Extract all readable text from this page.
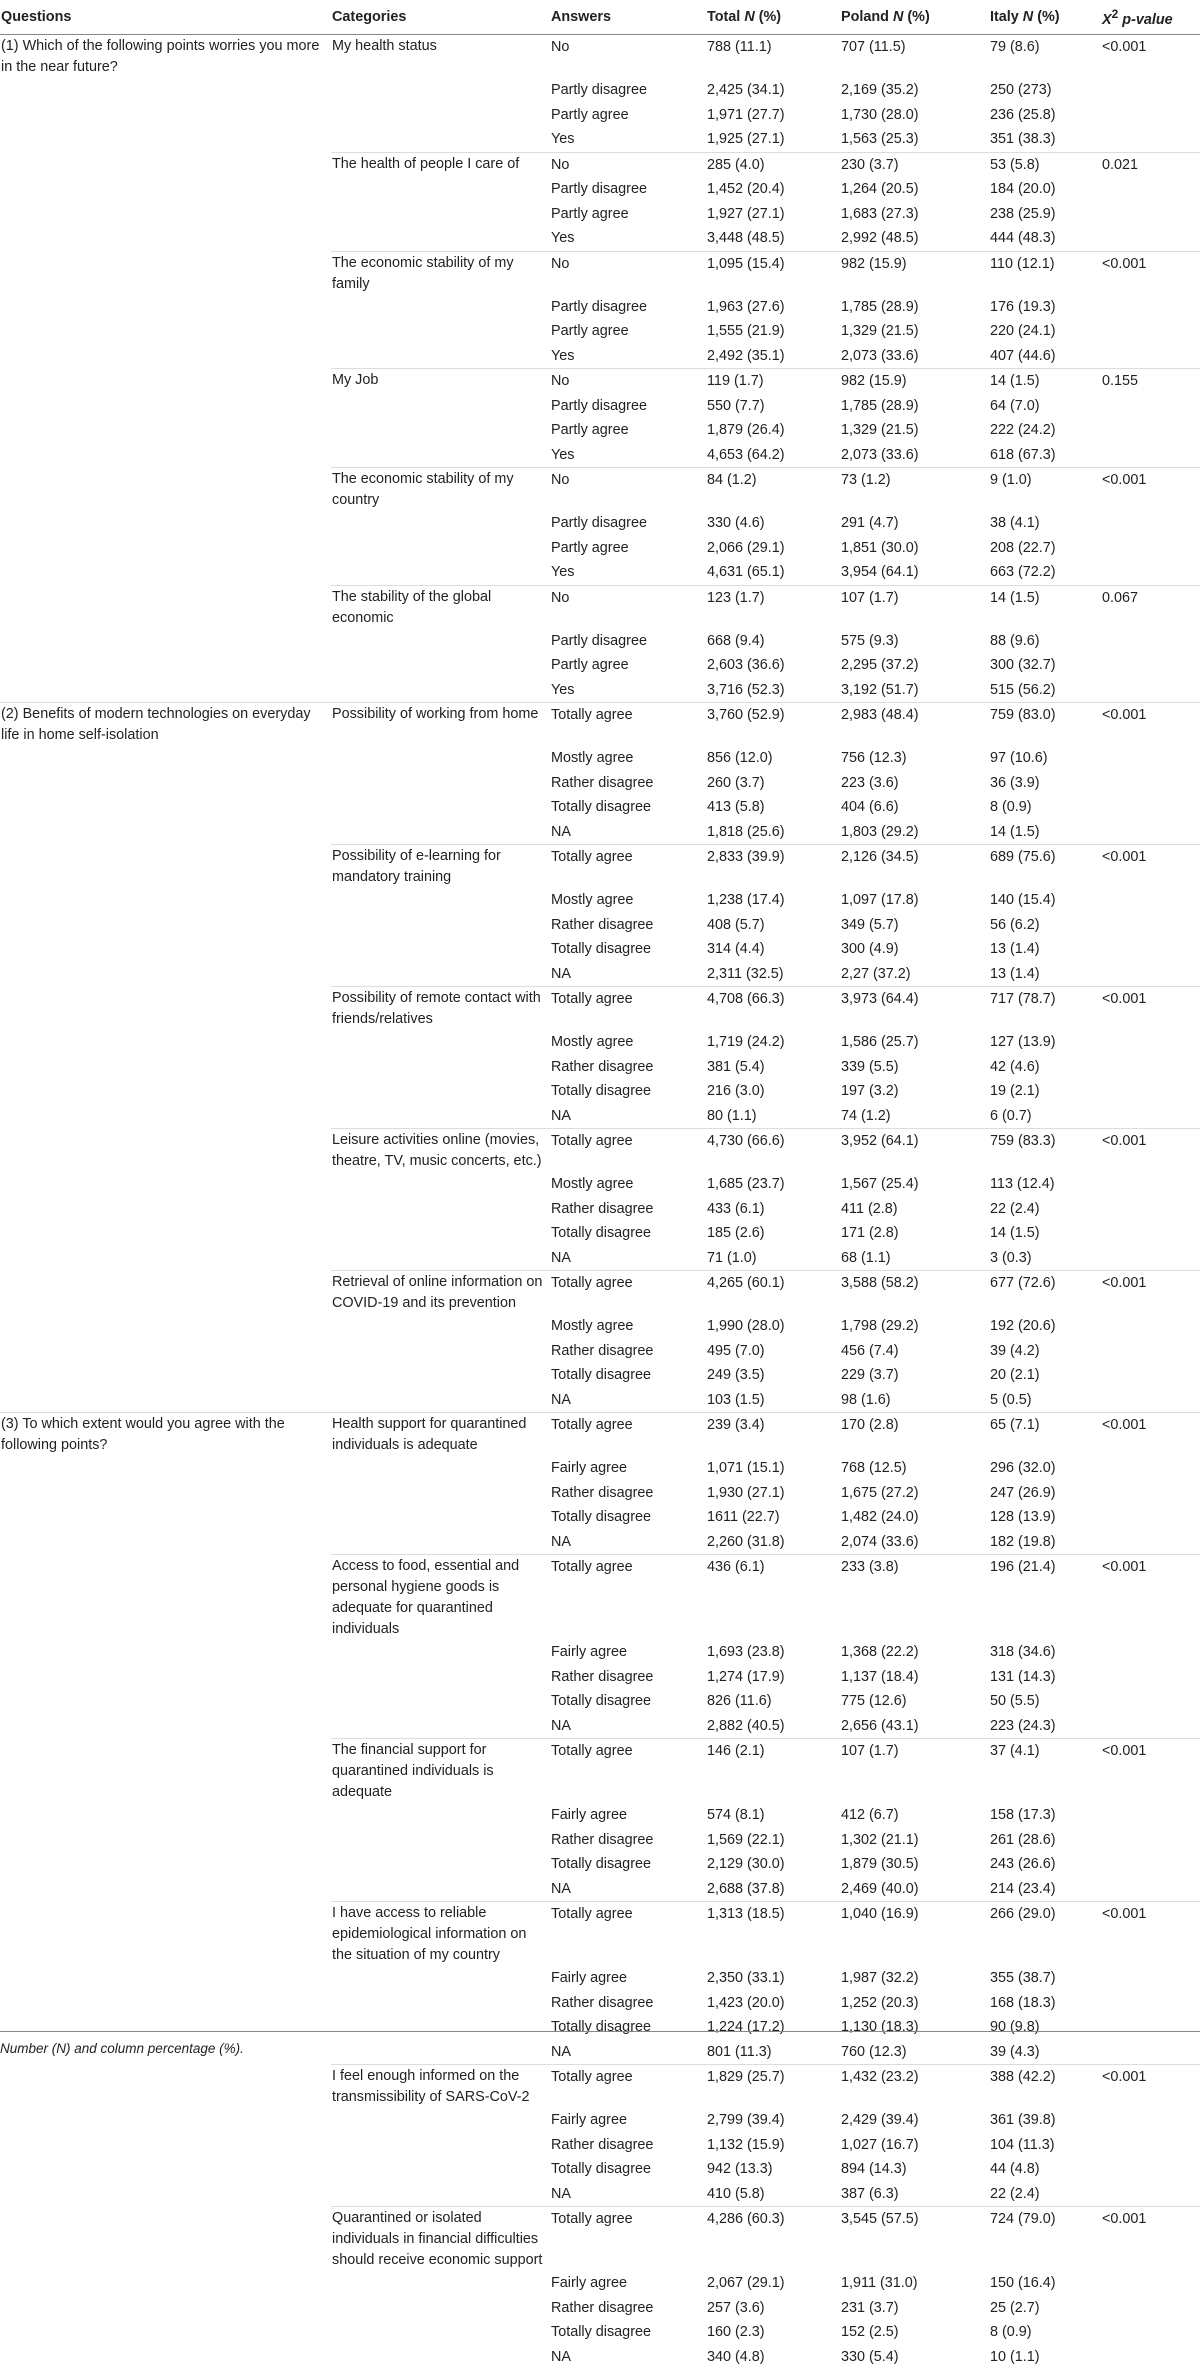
Questions	Categories	Answers	Total N (%)	Poland N (%)	Italy N (%)	$X^2$ p-value
(1) Which of the following points worries you more in the near future?	My health status	No	788 (11.1)	707 (11.5)	79 (8.6)	<0.001
		Partly disagree	2,425 (34.1)	2,169 (35.2)	250 (273)	
		Partly agree	1,971 (27.7)	1,730 (28.0)	236 (25.8)	
		Yes	1,925 (27.1)	1,563 (25.3)	351 (38.3)	
	The health of people I care of	No	285 (4.0)	230 (3.7)	53 (5.8)	0.021
		Partly disagree	1,452 (20.4)	1,264 (20.5)	184 (20.0)	
		Partly agree	1,927 (27.1)	1,683 (27.3)	238 (25.9)	
		Yes	3,448 (48.5)	2,992 (48.5)	444 (48.3)	
	The economic stability of my family	No	1,095 (15.4)	982 (15.9)	110 (12.1)	<0.001
		Partly disagree	1,963 (27.6)	1,785 (28.9)	176 (19.3)	
		Partly agree	1,555 (21.9)	1,329 (21.5)	220 (24.1)	
		Yes	2,492 (35.1)	2,073 (33.6)	407 (44.6)	
	My Job	No	119 (1.7)	982 (15.9)	14 (1.5)	0.155
		Partly disagree	550 (7.7)	1,785 (28.9)	64 (7.0)	
		Partly agree	1,879 (26.4)	1,329 (21.5)	222 (24.2)	
		Yes	4,653 (64.2)	2,073 (33.6)	618 (67.3)	
	The economic stability of my country	No	84 (1.2)	73 (1.2)	9 (1.0)	<0.001
		Partly disagree	330 (4.6)	291 (4.7)	38 (4.1)	
		Partly agree	2,066 (29.1)	1,851 (30.0)	208 (22.7)	
		Yes	4,631 (65.1)	3,954 (64.1)	663 (72.2)	
	The stability of the global economic	No	123 (1.7)	107 (1.7)	14 (1.5)	0.067
		Partly disagree	668 (9.4)	575 (9.3)	88 (9.6)	
		Partly agree	2,603 (36.6)	2,295 (37.2)	300 (32.7)	
		Yes	3,716 (52.3)	3,192 (51.7)	515 (56.2)	
(2) Benefits of modern technologies on everyday life in home self-isolation	Possibility of working from home	Totally agree	3,760 (52.9)	2,983 (48.4)	759 (83.0)	<0.001
		Mostly agree	856 (12.0)	756 (12.3)	97 (10.6)	
		Rather disagree	260 (3.7)	223 (3.6)	36 (3.9)	
		Totally disagree	413 (5.8)	404 (6.6)	8 (0.9)	
		NA	1,818 (25.6)	1,803 (29.2)	14 (1.5)	
	Possibility of e-learning for mandatory training	Totally agree	2,833 (39.9)	2,126 (34.5)	689 (75.6)	<0.001
		Mostly agree	1,238 (17.4)	1,097 (17.8)	140 (15.4)	
		Rather disagree	408 (5.7)	349 (5.7)	56 (6.2)	
		Totally disagree	314 (4.4)	300 (4.9)	13 (1.4)	
		NA	2,311 (32.5)	2,27 (37.2)	13 (1.4)	
	Possibility of remote contact with friends/relatives	Totally agree	4,708 (66.3)	3,973 (64.4)	717 (78.7)	<0.001
		Mostly agree	1,719 (24.2)	1,586 (25.7)	127 (13.9)	
		Rather disagree	381 (5.4)	339 (5.5)	42 (4.6)	
		Totally disagree	216 (3.0)	197 (3.2)	19 (2.1)	
		NA	80 (1.1)	74 (1.2)	6 (0.7)	
	Leisure activities online (movies, theatre, TV, music concerts, etc.)	Totally agree	4,730 (66.6)	3,952 (64.1)	759 (83.3)	<0.001
		Mostly agree	1,685 (23.7)	1,567 (25.4)	113 (12.4)	
		Rather disagree	433 (6.1)	411 (2.8)	22 (2.4)	
		Totally disagree	185 (2.6)	171 (2.8)	14 (1.5)	
		NA	71 (1.0)	68 (1.1)	3 (0.3)	
	Retrieval of online information on COVID-19 and its prevention	Totally agree	4,265 (60.1)	3,588 (58.2)	677 (72.6)	<0.001
		Mostly agree	1,990 (28.0)	1,798 (29.2)	192 (20.6)	
		Rather disagree	495 (7.0)	456 (7.4)	39 (4.2)	
		Totally disagree	249 (3.5)	229 (3.7)	20 (2.1)	
		NA	103 (1.5)	98 (1.6)	5 (0.5)	
(3) To which extent would you agree with the following points?	Health support for quarantined individuals is adequate	Totally agree	239 (3.4)	170 (2.8)	65 (7.1)	<0.001
		Fairly agree	1,071 (15.1)	768 (12.5)	296 (32.0)	
		Rather disagree	1,930 (27.1)	1,675 (27.2)	247 (26.9)	
		Totally disagree	1611 (22.7)	1,482 (24.0)	128 (13.9)	
		NA	2,260 (31.8)	2,074 (33.6)	182 (19.8)	
	Access to food, essential and personal hygiene goods is adequate for quarantined individuals	Totally agree	436 (6.1)	233 (3.8)	196 (21.4)	<0.001
		Fairly agree	1,693 (23.8)	1,368 (22.2)	318 (34.6)	
		Rather disagree	1,274 (17.9)	1,137 (18.4)	131 (14.3)	
		Totally disagree	826 (11.6)	775 (12.6)	50 (5.5)	
		NA	2,882 (40.5)	2,656 (43.1)	223 (24.3)	
	The financial support for quarantined individuals is adequate	Totally agree	146 (2.1)	107 (1.7)	37 (4.1)	<0.001
		Fairly agree	574 (8.1)	412 (6.7)	158 (17.3)	
		Rather disagree	1,569 (22.1)	1,302 (21.1)	261 (28.6)	
		Totally disagree	2,129 (30.0)	1,879 (30.5)	243 (26.6)	
		NA	2,688 (37.8)	2,469 (40.0)	214 (23.4)	
	I have access to reliable epidemiological information on the situation of my country	Totally agree	1,313 (18.5)	1,040 (16.9)	266 (29.0)	<0.001
		Fairly agree	2,350 (33.1)	1,987 (32.2)	355 (38.7)	
		Rather disagree	1,423 (20.0)	1,252 (20.3)	168 (18.3)	
		Totally disagree	1,224 (17.2)	1,130 (18.3)	90 (9.8)	
		NA	801 (11.3)	760 (12.3)	39 (4.3)	
	I feel enough informed on the transmissibility of SARS-CoV-2	Totally agree	1,829 (25.7)	1,432 (23.2)	388 (42.2)	<0.001
		Fairly agree	2,799 (39.4)	2,429 (39.4)	361 (39.8)	
		Rather disagree	1,132 (15.9)	1,027 (16.7)	104 (11.3)	
		Totally disagree	942 (13.3)	894 (14.3)	44 (4.8)	
		NA	410 (5.8)	387 (6.3)	22 (2.4)	
	Quarantined or isolated individuals in financial difficulties should receive economic support	Totally agree	4,286 (60.3)	3,545 (57.5)	724 (79.0)	<0.001
		Fairly agree	2,067 (29.1)	1,911 (31.0)	150 (16.4)	
		Rather disagree	257 (3.6)	231 (3.7)	25 (2.7)	
		Totally disagree	160 (2.3)	152 (2.5)	8 (0.9)	
		NA	340 (4.8)	330 (5.4)	10 (1.1)	
Number (N) and column percentage (%).
